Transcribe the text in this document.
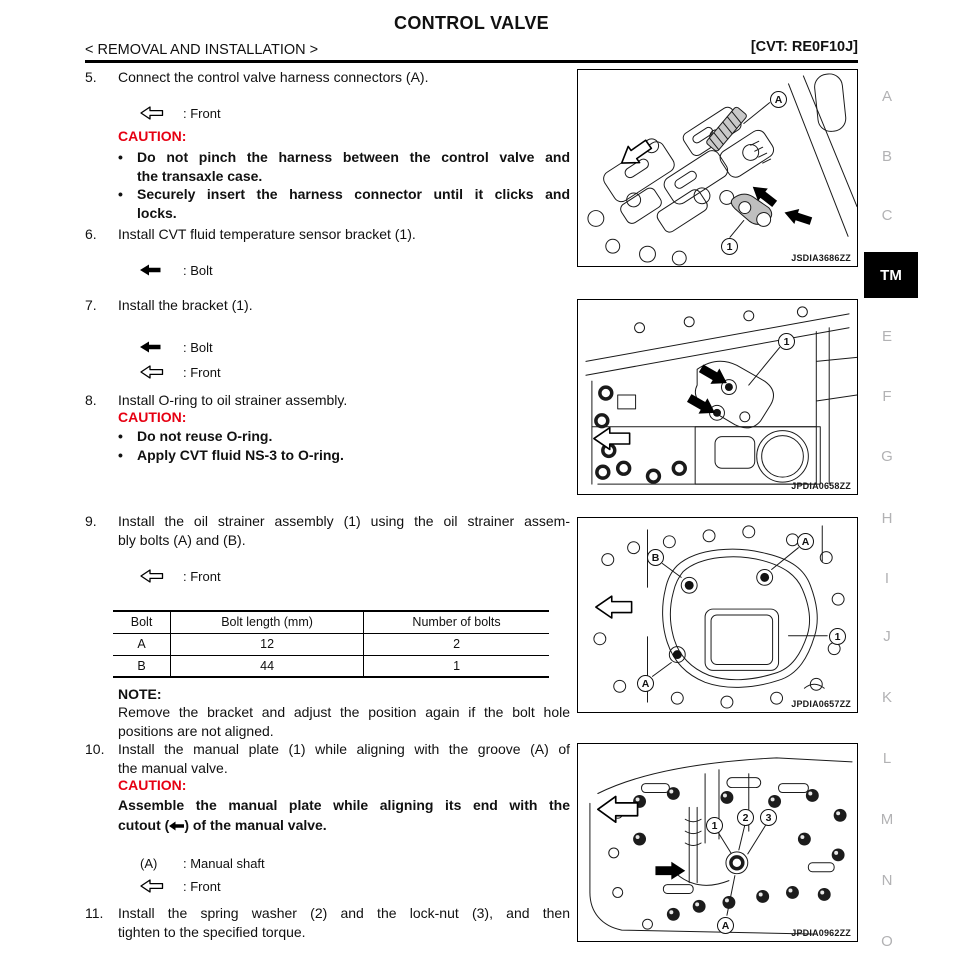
CONTROL VALVE
< REMOVAL AND INSTALLATION >	[CVT: RE0F10J]
5.	Connect the control valve harness connectors (A).
: Front
CAUTION:
•	Do not pinch the harness between the control valve and
the transaxle case.
•	Securely insert the harness connector until it clicks and
locks.
6.	Install CVT fluid temperature sensor bracket (1).
: Bolt
7.	Install the bracket (1).
: Bolt
: Front
8.	Install O-ring to oil strainer assembly.
CAUTION:
•	Do not reuse O-ring.
•	Apply CVT fluid NS-3 to O-ring.
9.	Install the oil strainer assembly (1) using the oil strainer assem-
bly bolts (A) and (B).
: Front
Bolt	Bolt length (mm)	Number of bolts
A	12	2
B	44	1
NOTE:
Remove the bracket and adjust the position again if the bolt hole
positions are not aligned.
10. Install the manual plate (1) while aligning with the groove (A) of
the manual valve.
CAUTION:
Assemble the manual plate while aligning its end with the
cutout ( ) of the manual valve.
(A)	: Manual shaft
: Front
11.	Install the spring washer (2) and the lock-nut (3), and then
tighten to the specified torque.
A
1
JSDIA3686ZZ
1
JPDIA0658ZZ
B
A
A
1
JPDIA0657ZZ
1
2	3
A
JPDIA0962ZZ
A
B
C
TM
E
F
G
H
I
J
K
L
M
N
O
